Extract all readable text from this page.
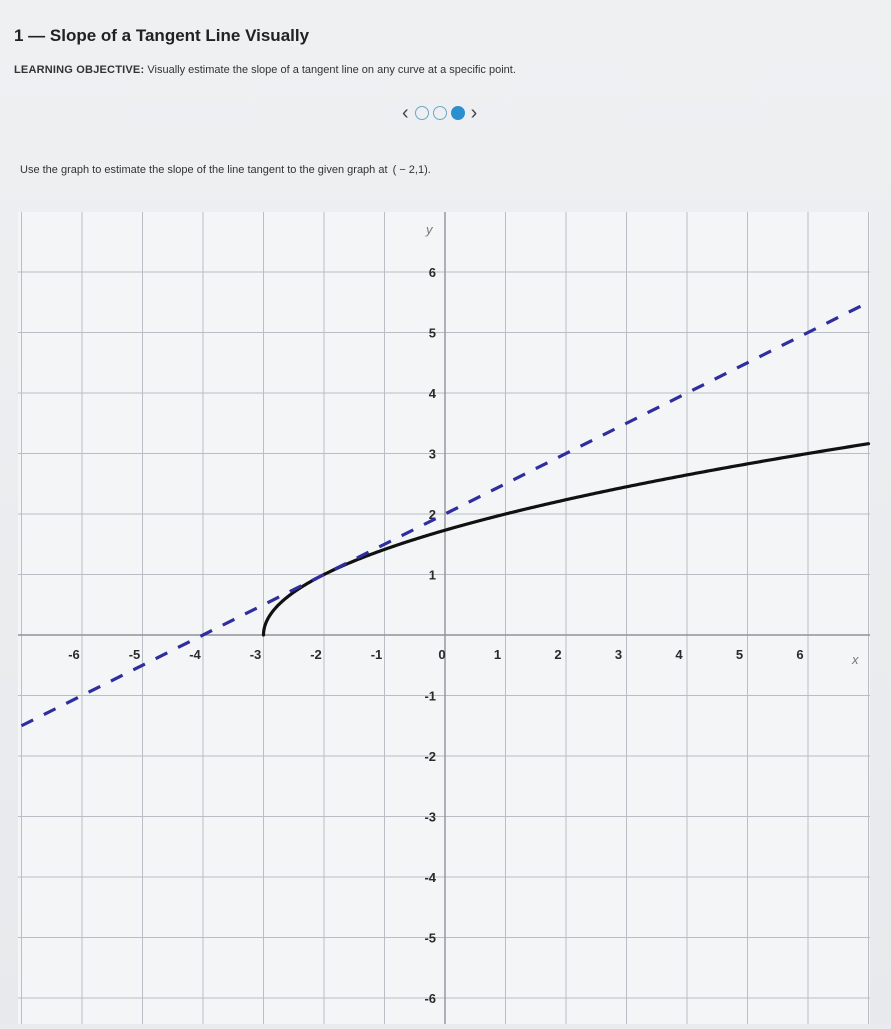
1 — Slope of a Tangent Line Visually
LEARNING OBJECTIVE: Visually estimate the slope of a tangent line on any curve at a specific point.
‹	›
Use the graph to estimate the slope of the line tangent to the given graph at ( − 2,1).
x
y
-6	-5	-4	-3	-2	-1	0	1	2	3	4	5	6
6
5
4
3
2
1
-1
-2
-3
-4
-5
-6
